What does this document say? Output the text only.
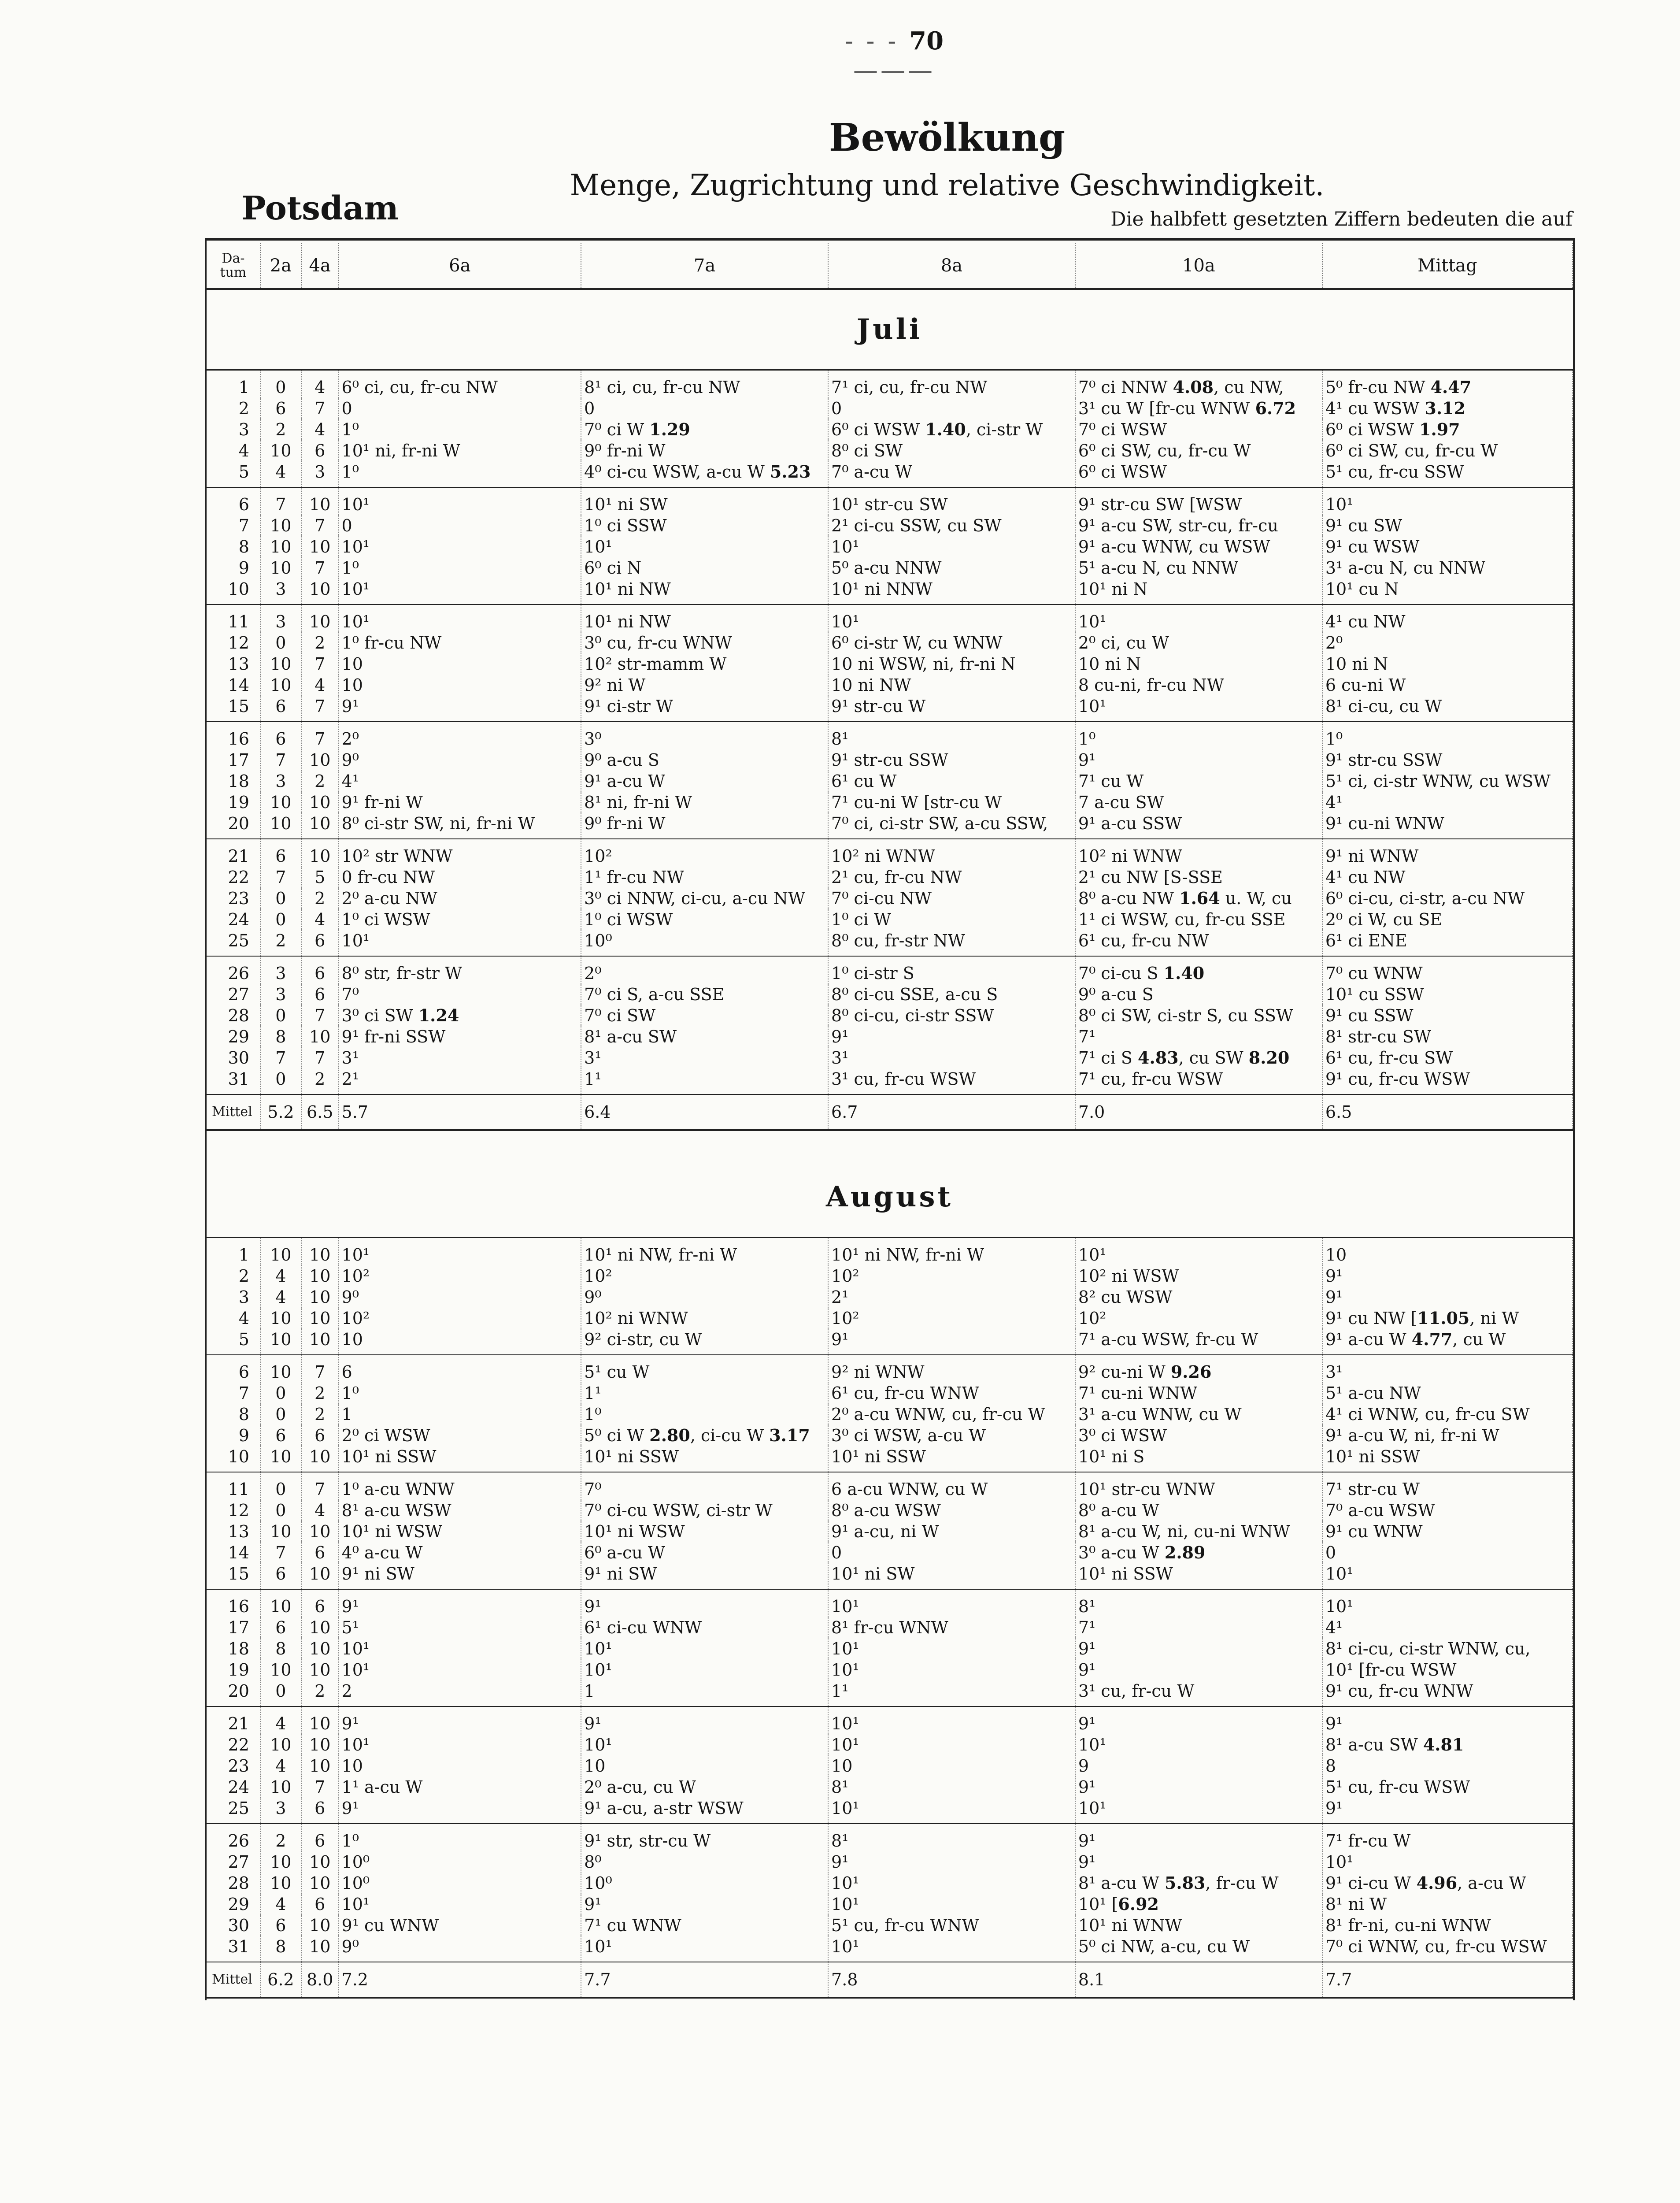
- - - 70 ———
Bewölkung
Menge, Zugrichtung und relative Geschwindigkeit.
Potsdam	Die halbfett gesetzten Ziffern bedeuten die auf
Da-
tum	2a	4a	6a	7a	8a	10a	Mittag
Juli							
1	0	4	6⁰ ci, cu, fr-cu NW	8¹ ci, cu, fr-cu NW	7¹ ci, cu, fr-cu NW	7⁰ ci NNW 4.08, cu NW,	5⁰ fr-cu NW 4.47
2	6	7	0	0	0	3¹ cu W [fr-cu WNW 6.72	4¹ cu WSW 3.12
3	2	4	1⁰	7⁰ ci W 1.29	6⁰ ci WSW 1.40, ci-str W	7⁰ ci WSW	6⁰ ci WSW 1.97
4	10	6	10¹ ni, fr-ni W	9⁰ fr-ni W	8⁰ ci SW	6⁰ ci SW, cu, fr-cu W	6⁰ ci SW, cu, fr-cu W
5	4	3	1⁰	4⁰ ci-cu WSW, a-cu W 5.23	7⁰ a-cu W	6⁰ ci WSW	5¹ cu, fr-cu SSW
6	7	10	10¹	10¹ ni SW	10¹ str-cu SW	9¹ str-cu SW [WSW	10¹
7	10	7	0	1⁰ ci SSW	2¹ ci-cu SSW, cu SW	9¹ a-cu SW, str-cu, fr-cu	9¹ cu SW
8	10	10	10¹	10¹	10¹	9¹ a-cu WNW, cu WSW	9¹ cu WSW
9	10	7	1⁰	6⁰ ci N	5⁰ a-cu NNW	5¹ a-cu N, cu NNW	3¹ a-cu N, cu NNW
10	3	10	10¹	10¹ ni NW	10¹ ni NNW	10¹ ni N	10¹ cu N
11	3	10	10¹	10¹ ni NW	10¹	10¹	4¹ cu NW
12	0	2	1⁰ fr-cu NW	3⁰ cu, fr-cu WNW	6⁰ ci-str W, cu WNW	2⁰ ci, cu W	2⁰
13	10	7	10	10² str-mamm W	10 ni WSW, ni, fr-ni N	10 ni N	10 ni N
14	10	4	10	9² ni W	10 ni NW	8 cu-ni, fr-cu NW	6 cu-ni W
15	6	7	9¹	9¹ ci-str W	9¹ str-cu W	10¹	8¹ ci-cu, cu W
16	6	7	2⁰	3⁰	8¹	1⁰	1⁰
17	7	10	9⁰	9⁰ a-cu S	9¹ str-cu SSW	9¹	9¹ str-cu SSW
18	3	2	4¹	9¹ a-cu W	6¹ cu W	7¹ cu W	5¹ ci, ci-str WNW, cu WSW
19	10	10	9¹ fr-ni W	8¹ ni, fr-ni W	7¹ cu-ni W [str-cu W	7 a-cu SW	4¹
20	10	10	8⁰ ci-str SW, ni, fr-ni W	9⁰ fr-ni W	7⁰ ci, ci-str SW, a-cu SSW,	9¹ a-cu SSW	9¹ cu-ni WNW
21	6	10	10² str WNW	10²	10² ni WNW	10² ni WNW	9¹ ni WNW
22	7	5	0 fr-cu NW	1¹ fr-cu NW	2¹ cu, fr-cu NW	2¹ cu NW [S-SSE	4¹ cu NW
23	0	2	2⁰ a-cu NW	3⁰ ci NNW, ci-cu, a-cu NW	7⁰ ci-cu NW	8⁰ a-cu NW 1.64 u. W, cu	6⁰ ci-cu, ci-str, a-cu NW
24	0	4	1⁰ ci WSW	1⁰ ci WSW	1⁰ ci W	1¹ ci WSW, cu, fr-cu SSE	2⁰ ci W, cu SE
25	2	6	10¹	10⁰	8⁰ cu, fr-str NW	6¹ cu, fr-cu NW	6¹ ci ENE
26	3	6	8⁰ str, fr-str W	2⁰	1⁰ ci-str S	7⁰ ci-cu S 1.40	7⁰ cu WNW
27	3	6	7⁰	7⁰ ci S, a-cu SSE	8⁰ ci-cu SSE, a-cu S	9⁰ a-cu S	10¹ cu SSW
28	0	7	3⁰ ci SW 1.24	7⁰ ci SW	8⁰ ci-cu, ci-str SSW	8⁰ ci SW, ci-str S, cu SSW	9¹ cu SSW
29	8	10	9¹ fr-ni SSW	8¹ a-cu SW	9¹	7¹	8¹ str-cu SW
30	7	7	3¹	3¹	3¹	7¹ ci S 4.83, cu SW 8.20	6¹ cu, fr-cu SW
31	0	2	2¹	1¹	3¹ cu, fr-cu WSW	7¹ cu, fr-cu WSW	9¹ cu, fr-cu WSW
Mittel	5.2	6.5	5.7	6.4	6.7	7.0	6.5

August							
1	10	10	10¹	10¹ ni NW, fr-ni W	10¹ ni NW, fr-ni W	10¹	10
2	4	10	10²	10²	10²	10² ni WSW	9¹
3	4	10	9⁰	9⁰	2¹	8² cu WSW	9¹
4	10	10	10²	10² ni WNW	10²	10²	9¹ cu NW [11.05, ni W
5	10	10	10	9² ci-str, cu W	9¹	7¹ a-cu WSW, fr-cu W	9¹ a-cu W 4.77, cu W
6	10	7	6	5¹ cu W	9² ni WNW	9² cu-ni W 9.26	3¹
7	0	2	1⁰	1¹	6¹ cu, fr-cu WNW	7¹ cu-ni WNW	5¹ a-cu NW
8	0	2	1	1⁰	2⁰ a-cu WNW, cu, fr-cu W	3¹ a-cu WNW, cu W	4¹ ci WNW, cu, fr-cu SW
9	6	6	2⁰ ci WSW	5⁰ ci W 2.80, ci-cu W 3.17	3⁰ ci WSW, a-cu W	3⁰ ci WSW	9¹ a-cu W, ni, fr-ni W
10	10	10	10¹ ni SSW	10¹ ni SSW	10¹ ni SSW	10¹ ni S	10¹ ni SSW
11	0	7	1⁰ a-cu WNW	7⁰	6 a-cu WNW, cu W	10¹ str-cu WNW	7¹ str-cu W
12	0	4	8¹ a-cu WSW	7⁰ ci-cu WSW, ci-str W	8⁰ a-cu WSW	8⁰ a-cu W	7⁰ a-cu WSW
13	10	10	10¹ ni WSW	10¹ ni WSW	9¹ a-cu, ni W	8¹ a-cu W, ni, cu-ni WNW	9¹ cu WNW
14	7	6	4⁰ a-cu W	6⁰ a-cu W	0	3⁰ a-cu W 2.89	0
15	6	10	9¹ ni SW	9¹ ni SW	10¹ ni SW	10¹ ni SSW	10¹
16	10	6	9¹	9¹	10¹	8¹	10¹
17	6	10	5¹	6¹ ci-cu WNW	8¹ fr-cu WNW	7¹	4¹
18	8	10	10¹	10¹	10¹	9¹	8¹ ci-cu, ci-str WNW, cu,
19	10	10	10¹	10¹	10¹	9¹	10¹ [fr-cu WSW
20	0	2	2	1	1¹	3¹ cu, fr-cu W	9¹ cu, fr-cu WNW
21	4	10	9¹	9¹	10¹	9¹	9¹
22	10	10	10¹	10¹	10¹	10¹	8¹ a-cu SW 4.81
23	4	10	10	10	10	9	8
24	10	7	1¹ a-cu W	2⁰ a-cu, cu W	8¹	9¹	5¹ cu, fr-cu WSW
25	3	6	9¹	9¹ a-cu, a-str WSW	10¹	10¹	9¹
26	2	6	1⁰	9¹ str, str-cu W	8¹	9¹	7¹ fr-cu W
27	10	10	10⁰	8⁰	9¹	9¹	10¹
28	10	10	10⁰	10⁰	10¹	8¹ a-cu W 5.83, fr-cu W	9¹ ci-cu W 4.96, a-cu W
29	4	6	10¹	9¹	10¹	10¹ [6.92	8¹ ni W
30	6	10	9¹ cu WNW	7¹ cu WNW	5¹ cu, fr-cu WNW	10¹ ni WNW	8¹ fr-ni, cu-ni WNW
31	8	10	9⁰	10¹	10¹	5⁰ ci NW, a-cu, cu W	7⁰ ci WNW, cu, fr-cu WSW
Mittel	6.2	8.0	7.2	7.7	7.8	8.1	7.7
